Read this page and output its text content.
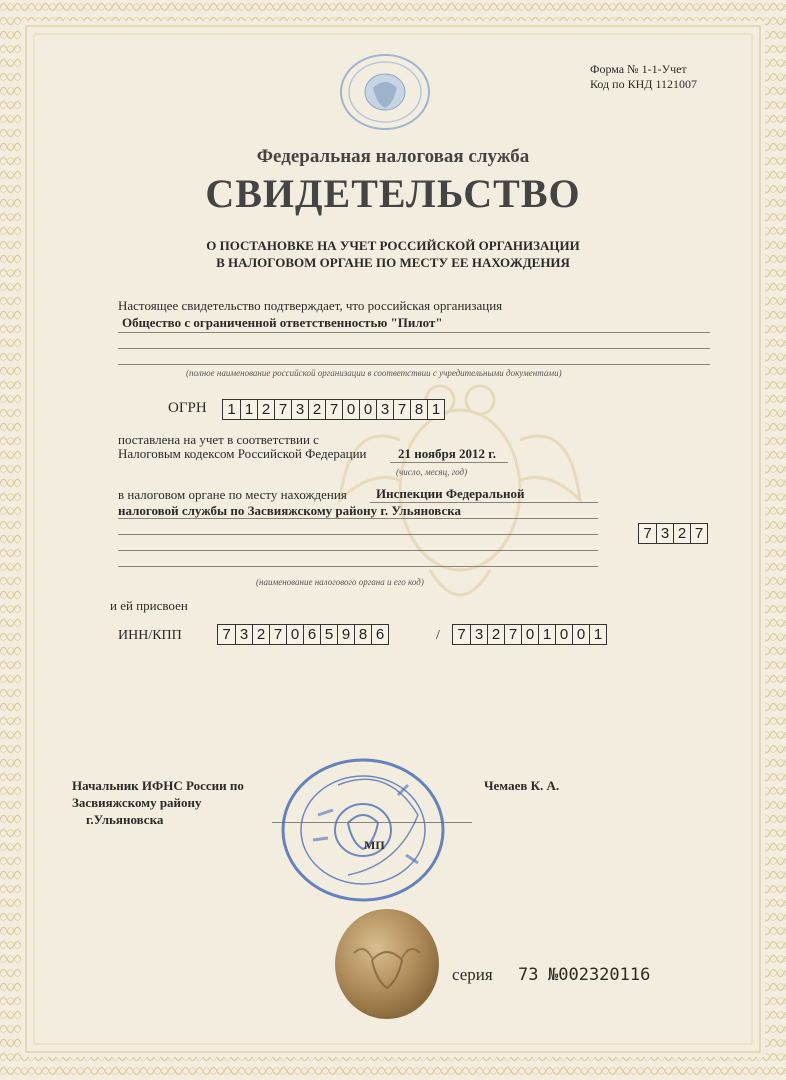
Форма № 1-1-Учет
Код по КНД 1121007
Федеральная налоговая служба
СВИДЕТЕЛЬСТВО
О ПОСТАНОВКЕ НА УЧЕТ РОССИЙСКОЙ ОРГАНИЗАЦИИ
В НАЛОГОВОМ ОРГАНЕ ПО МЕСТУ ЕЕ НАХОЖДЕНИЯ
Настоящее свидетельство подтверждает, что российская организация
Общество с ограниченной ответственностью "Пилот"
(полное наименование российской организации в соответствии с учредительными документами)
ОГРН 1 1 2 7 3 2 7 0 0 3 7 8 1
поставлена на учет в соответствии с
Налоговым кодексом Российской Федерации 21 ноября 2012 г.
(число, месяц, год)
в налоговом органе по месту нахождения Инспекции Федеральной
налоговой службы по Засвияжскому району г. Ульяновска
7 3 2 7
(наименование налогового органа и его код)
и ей присвоен
ИНН/КПП	7 3 2 7 0 6 5 9 8 6	/ 7 3 2 7 0 1 0 0 1
Начальник ИФНС России по
Засвияжскому району
г.Ульяновска
Чемаев К. А.
МП
серия 73 №002320116
